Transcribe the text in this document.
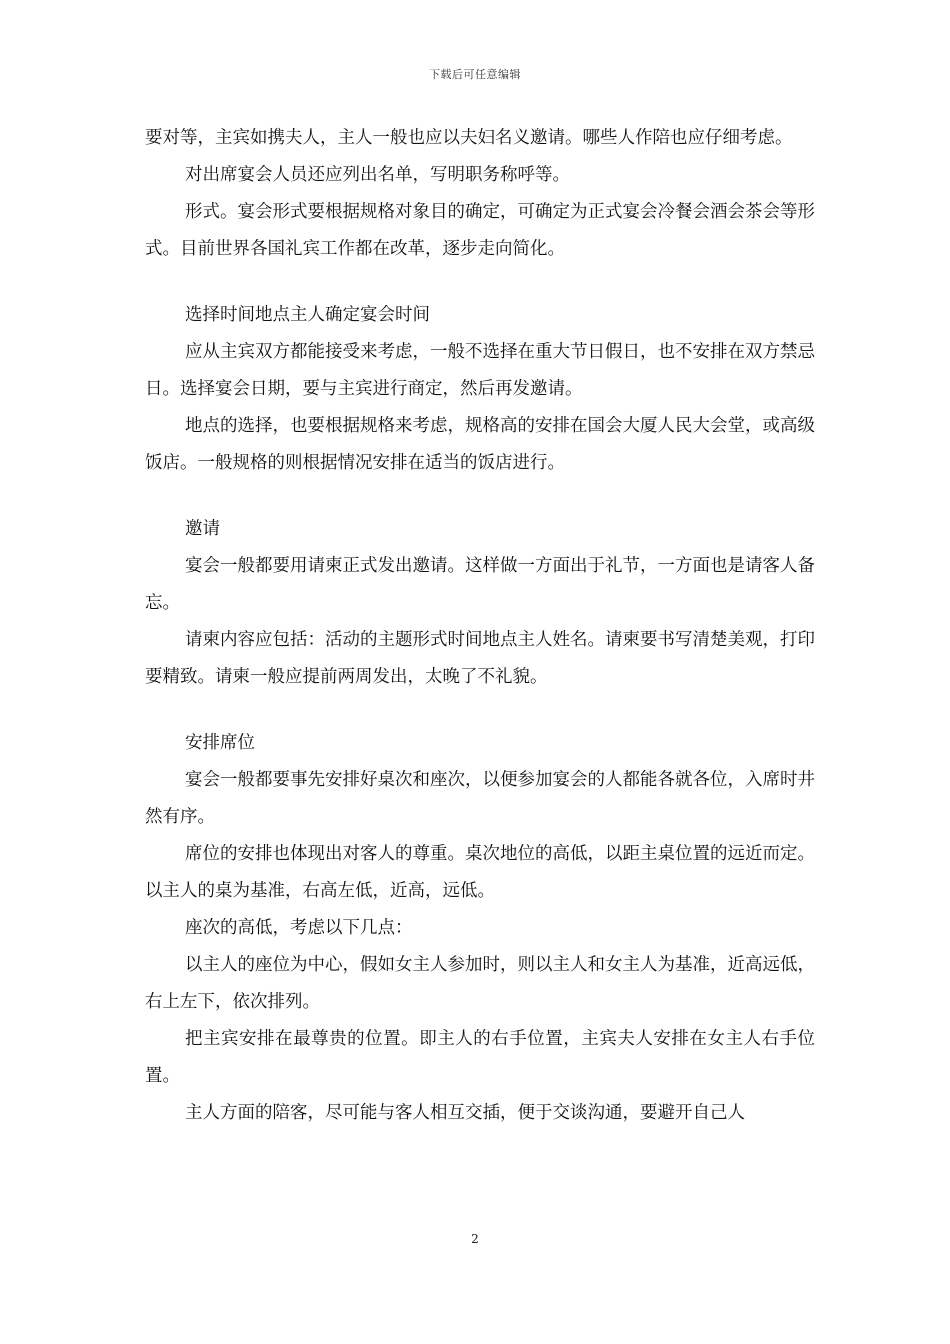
下载后可任意编辑

要对等，主宾如携夫人，主人一般也应以夫妇名义邀请。哪些人作陪也应仔细考虑。

对出席宴会人员还应列出名单，写明职务称呼等。

形式。宴会形式要根据规格对象目的确定，可确定为正式宴会冷餐会酒会茶会等形式。目前世界各国礼宾工作都在改革，逐步走向简化。

选择时间地点主人确定宴会时间

应从主宾双方都能接受来考虑，一般不选择在重大节日假日，也不安排在双方禁忌日。选择宴会日期，要与主宾进行商定，然后再发邀请。

地点的选择，也要根据规格来考虑，规格高的安排在国会大厦人民大会堂，或高级饭店。一般规格的则根据情况安排在适当的饭店进行。

邀请

宴会一般都要用请柬正式发出邀请。这样做一方面出于礼节，一方面也是请客人备忘。

请柬内容应包括：活动的主题形式时间地点主人姓名。请柬要书写清楚美观，打印要精致。请柬一般应提前两周发出，太晚了不礼貌。

安排席位

宴会一般都要事先安排好桌次和座次，以便参加宴会的人都能各就各位，入席时井然有序。

席位的安排也体现出对客人的尊重。桌次地位的高低，以距主桌位置的远近而定。以主人的桌为基准，右高左低，近高，远低。

座次的高低，考虑以下几点：

以主人的座位为中心，假如女主人参加时，则以主人和女主人为基准，近高远低，右上左下，依次排列。

把主宾安排在最尊贵的位置。即主人的右手位置，主宾夫人安排在女主人右手位置。

主人方面的陪客，尽可能与客人相互交插，便于交谈沟通，要避开自己人

2
